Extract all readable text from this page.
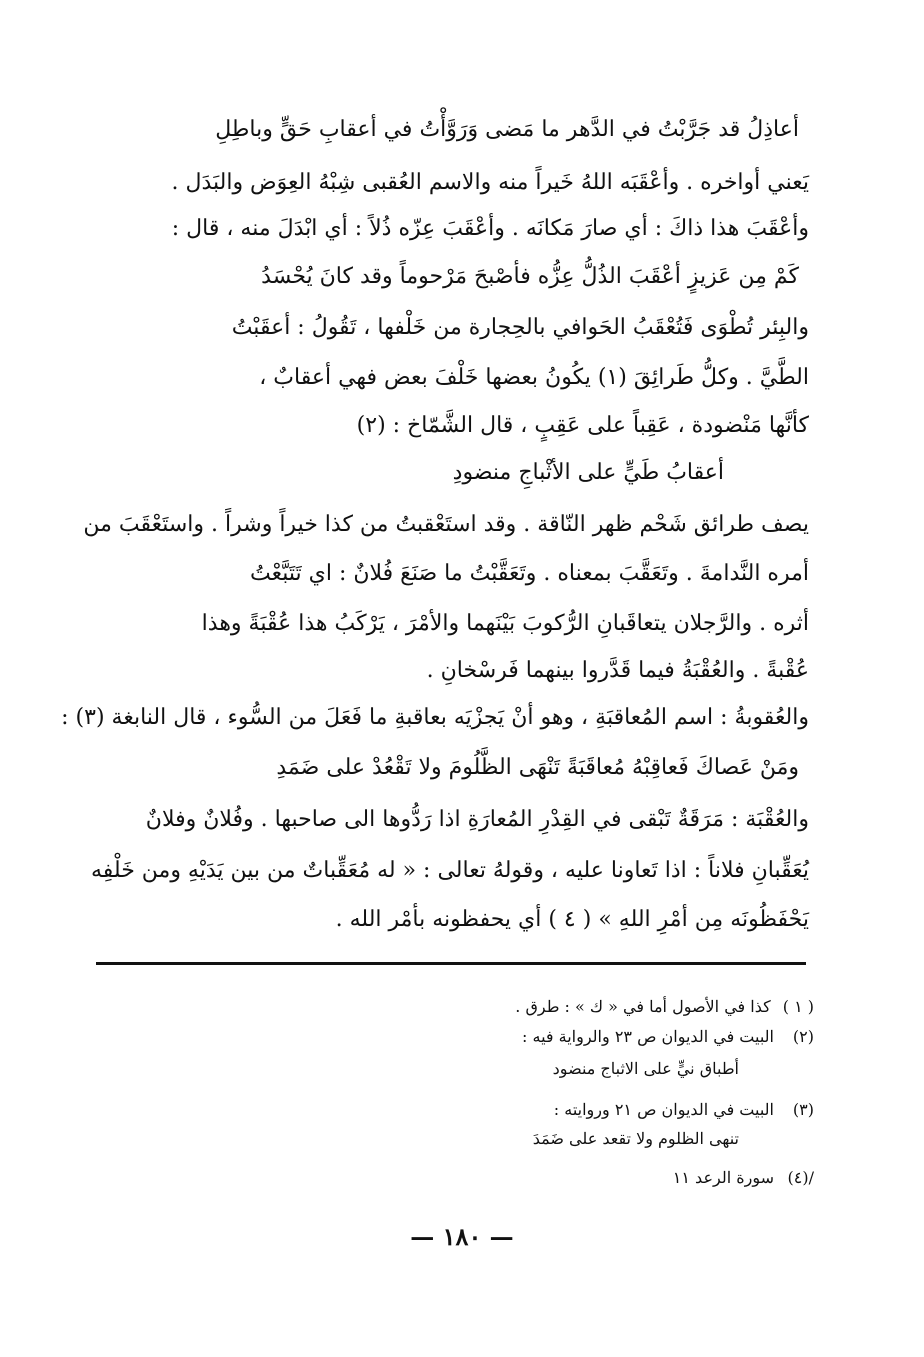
أعاذِلُ قد جَرَّبْتُ في الدَّهر ما مَضى وَرَوَّأْتُ في أعقابِ حَقٍّ وباطِلِ
يَعني أواخره . وأعْقَبَه اللهُ خَيراً منه والاسم العُقبى شِبْهُ العِوَض والبَدَل .
وأعْقَبَ هذا ذاكَ : أي صارَ مَكانَه . وأعْقَبَ عِزّه ذُلاً : أي ابْدَلَ منه ، قال :
كَمْ مِن عَزيزٍ أعْقَبَ الذُلُّ عِزُّه فأصْبحَ مَرْحوماً وقد كانَ يُحْسَدُ
والبِئر تُطْوَى فَتُعْقَبُ الحَوافي بالحِجارة من خَلْفها ، تَقُولُ : أعقَبْتُ
الطَّيَّ . وكلُّ طَرائِقَ (١) يكُونُ بعضها خَلْفَ بعض فهي أعقابٌ ،
كأنَّها مَنْضودة ، عَقِباً على عَقِبٍ ، قال الشَّمّاخ : (٢)
أعقابُ طَيٍّ على الأثْباجِ منضودِ
يصف طرائق شَحْم ظهر النّاقة . وقد استَعْقبتُ من كذا خيراً وشراً . واستَعْقَبَ من
أمره النَّدامةَ . وتَعَقَّبَ بمعناه . وتَعَقَّبْتُ ما صَنَعَ فُلانٌ : اي تَتَبَّعْتُ
أثره . والرَّجلان يتعاقَبانِ الرُّكوبَ بَيْنَهما والأمْرَ ، يَرْكَبُ هذا عُقْبَةً وهذا
عُقْبةً . والعُقْبَةُ فيما قَدَّروا بينهما فَرسْخانِ .
والعُقوبةُ : اسم المُعاقبَةِ ، وهو أنْ يَجزْيَه بعاقبةِ ما فَعَلَ من السُّوء ، قال النابغة (٣) :
ومَنْ عَصاكَ فَعاقِبْهُ مُعاقَبَةً تَنْهَى الظَّلُومَ ولا تَقْعُدْ على ضَمَدِ
والعُقْبَة : مَرَقَةٌ تَبْقى في القِدْرِ المُعارَةِ اذا رَدُّوها الى صاحبها . وفُلانٌ وفلانٌ
يُعَقِّبانِ فلاناً : اذا تَعاونا عليه ، وقولهُ تعالى : « له مُعَقِّباتٌ من بين يَدَيْهِ ومن خَلْفِه
يَحْفَظُونَه مِن أمْرِ اللهِ » ( ٤ ) أي يحفظونه بأمْر الله .
( ١ )
كذا في الأصول أما في « ك » : طرق .
(٢)
البيت في الديوان ص ٢٣ والرواية فيه :
أطباق نيٍّ على الاثباج منضود
(٣)
البيت في الديوان ص ٢١ وروايته :
تنهى الظلوم ولا تقعد على ضَمَدَ
/(٤)
سورة الرعد ١١
— ١٨٠ —
